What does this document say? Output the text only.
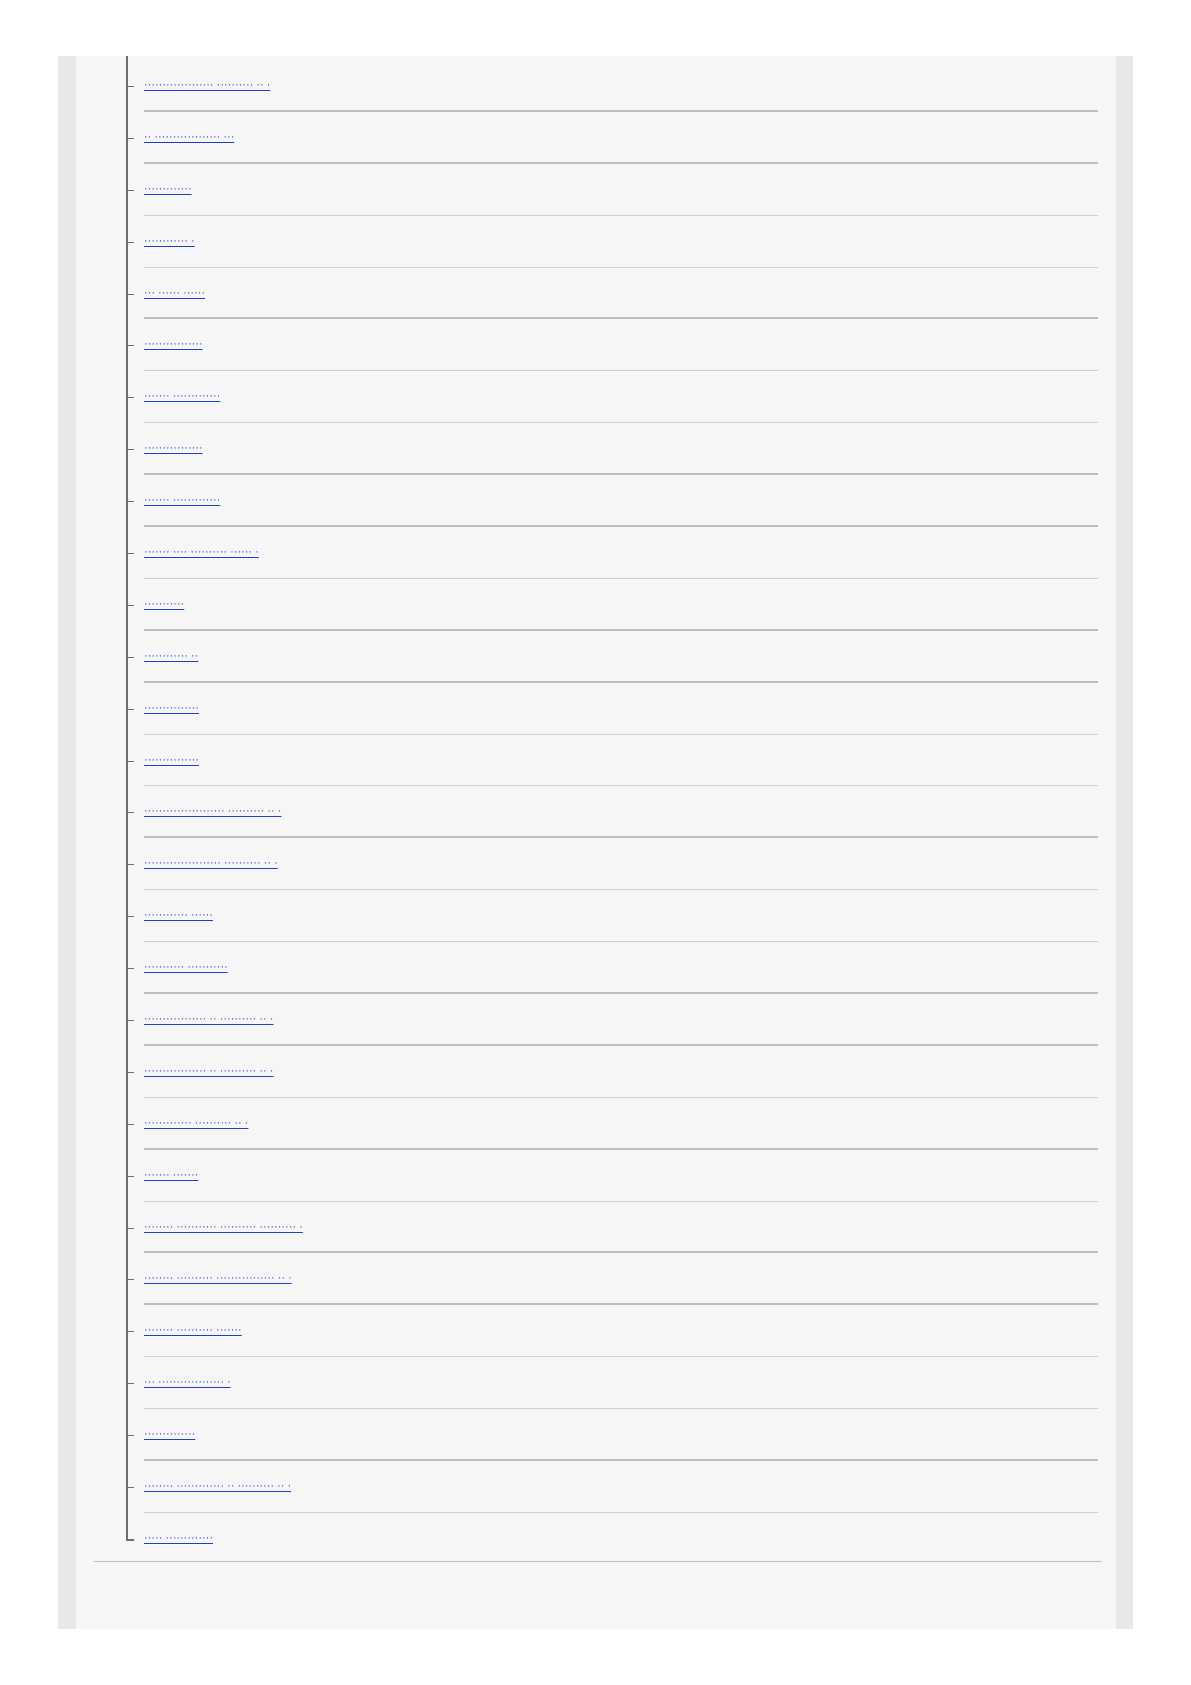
··················· ·········· ·· ·
·· ·················· ···
·············
············ ·
··· ······ ······
················
······· ·············
················
······· ·············
······· ···· ·········· ······ ·
···········
············ ··
···············
···············
······················ ·········· ·· ·
····················· ·········· ·· ·
············ ······
··········· ···········
················· ·· ·········· ·· ·
················· ·· ·········· ·· ·
············· ·········· ·· ·
······· ·······
········ ··········· ·········· ·········· ·
········ ·········· ················ ·· ·
········ ·········· ·······
··· ·················· ·
··············
········ ············· ·· ·········· ·· ·
····· ·············
